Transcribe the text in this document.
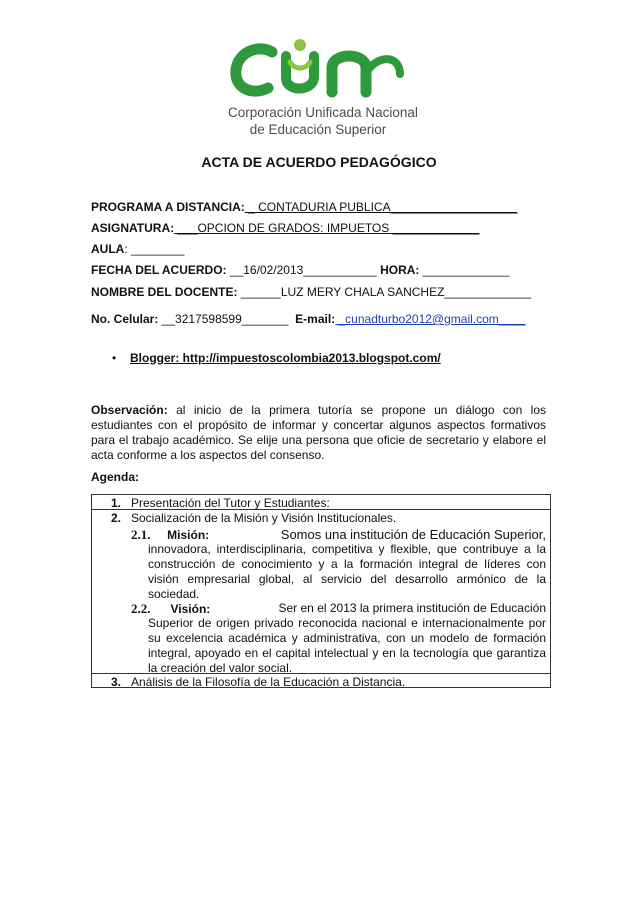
Corporación Unificada Nacional
de Educación Superior
ACTA DE ACUERDO PEDAGÓGICO
PROGRAMA A DISTANCIA: _ CONTADURIA PUBLICA___________________
ASIGNATURA: ___OPCION DE GRADOS: IMPUETOS _____________
AULA: ________
FECHA DEL ACUERDO: __16/02/2013___________ HORA: _____________
NOMBRE DEL DOCENTE: ______LUZ MERY CHALA SANCHEZ_____________
No. Celular: __3217598599_______ E-mail: _cunadturbo2012@gmail.com____
• Blogger: http://impuestoscolombia2013.blogspot.com/

Observación: al inicio de la primera tutoría se propone un diálogo con los estudiantes con el propósito de informar y concertar algunos aspectos formativos para el trabajo académico. Se elije una persona que oficie de secretario y elabore el acta conforme a los aspectos del consenso.

Agenda:
1. Presentación del Tutor y Estudiantes:
2. Socialización de la Misión y Visión Institucionales.
2.1. Misión:	Somos una institución de Educación Superior,

innovadora, interdisciplinaria, competitiva y flexible, que contribuye a la construcción de conocimiento y a la formación integral de líderes con visión empresarial global, al servicio del desarrollo armónico de la sociedad.

2.2. Visión:	Ser en el 2013 la primera institución de Educación

Superior de origen privado reconocida nacional e internacionalmente por su excelencia académica y administrativa, con un modelo de formación integral, apoyado en el capital intelectual y en la tecnología que garantiza la creación del valor social.

3. Análisis de la Filosofía de la Educación a Distancia.
